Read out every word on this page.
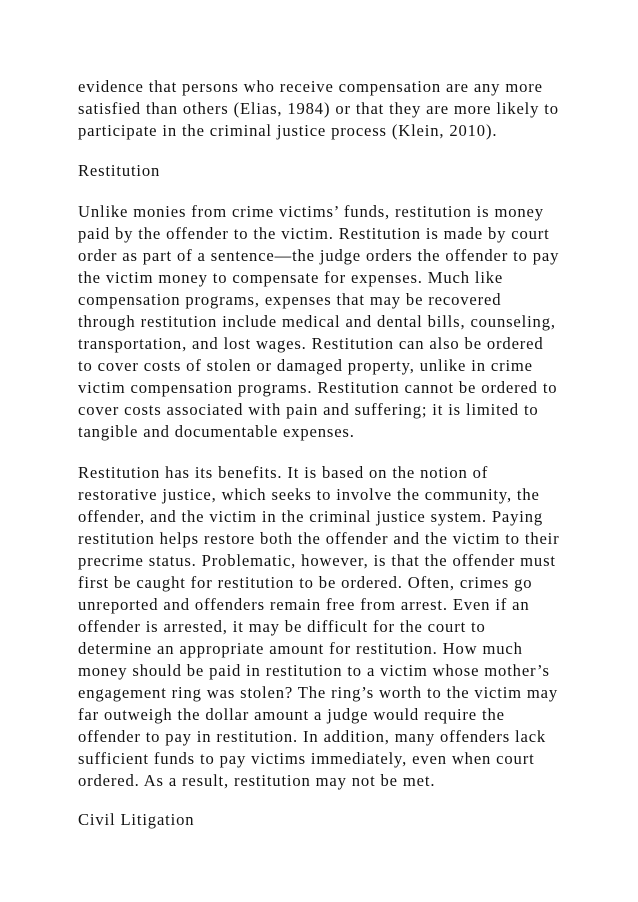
evidence that persons who receive compensation are any more

satisfied than others (Elias, 1984) or that they are more likely to

participate in the criminal justice process (Klein, 2010).

Restitution

Unlike monies from crime victims’ funds, restitution is money

paid by the offender to the victim. Restitution is made by court

order as part of a sentence—the judge orders the offender to pay

the victim money to compensate for expenses. Much like

compensation programs, expenses that may be recovered

through restitution include medical and dental bills, counseling,

transportation, and lost wages. Restitution can also be ordered

to cover costs of stolen or damaged property, unlike in crime

victim compensation programs. Restitution cannot be ordered to

cover costs associated with pain and suffering; it is limited to

tangible and documentable expenses.

Restitution has its benefits. It is based on the notion of

restorative justice, which seeks to involve the community, the

offender, and the victim in the criminal justice system. Paying

restitution helps restore both the offender and the victim to their

precrime status. Problematic, however, is that the offender must

first be caught for restitution to be ordered. Often, crimes go

unreported and offenders remain free from arrest. Even if an

offender is arrested, it may be difficult for the court to

determine an appropriate amount for restitution. How much

money should be paid in restitution to a victim whose mother’s

engagement ring was stolen? The ring’s worth to the victim may

far outweigh the dollar amount a judge would require the

offender to pay in restitution. In addition, many offenders lack

sufficient funds to pay victims immediately, even when court

ordered. As a result, restitution may not be met.

Civil Litigation
